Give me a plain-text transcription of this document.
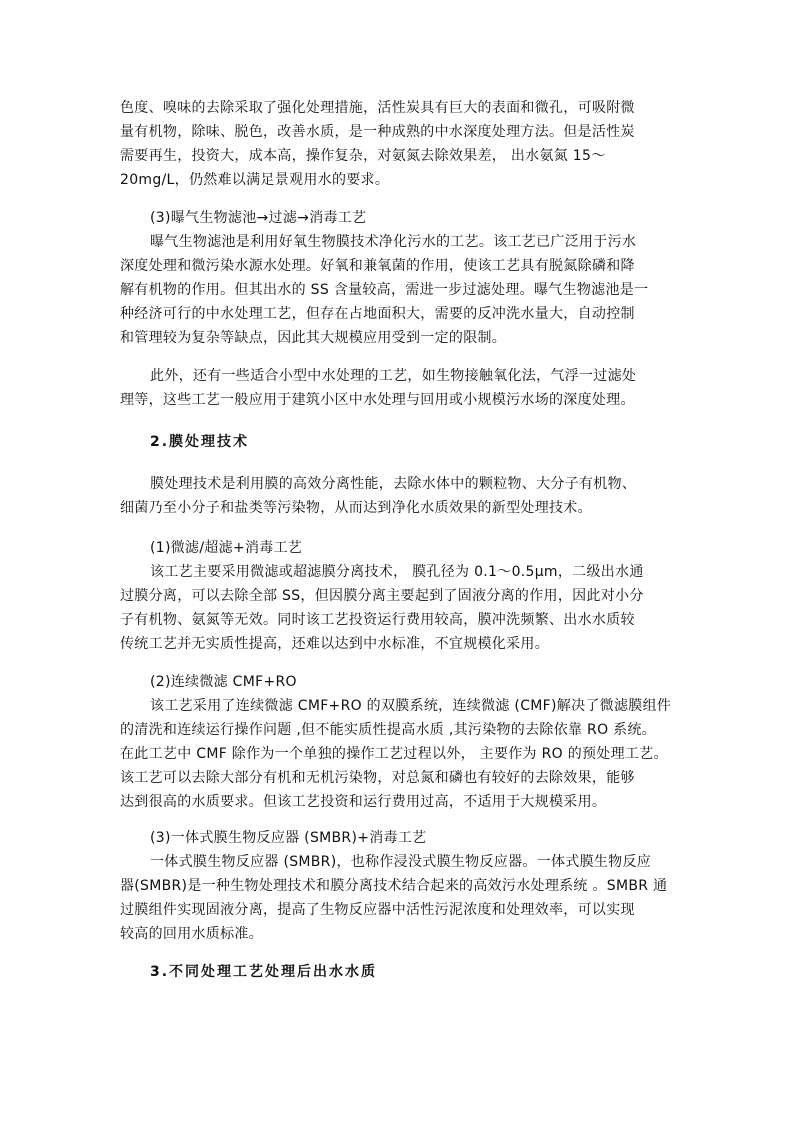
色度、嗅味的去除采取了强化处理措施，活性炭具有巨大的表面和微孔，可吸附微
量有机物，除味、脱色，改善水质，是一种成熟的中水深度处理方法。但是活性炭
需要再生，投资大，成本高，操作复杂，对氨氮去除效果差， 出水氨氮 15～
20mg/L，仍然难以满足景观用水的要求。
(3)曝气生物滤池→过滤→消毒工艺
曝气生物滤池是利用好氧生物膜技术净化污水的工艺。该工艺已广泛用于污水
深度处理和微污染水源水处理。好氧和兼氧菌的作用，使该工艺具有脱氮除磷和降
解有机物的作用。但其出水的 SS 含量较高，需进一步过滤处理。曝气生物滤池是一
种经济可行的中水处理工艺，但存在占地面积大，需要的反冲洗水量大，自动控制
和管理较为复杂等缺点，因此其大规模应用受到一定的限制。
此外，还有一些适合小型中水处理的工艺，如生物接触氧化法，气浮一过滤处
理等，这些工艺一般应用于建筑小区中水处理与回用或小规模污水场的深度处理。
2.膜处理技术
膜处理技术是利用膜的高效分离性能，去除水体中的颗粒物、大分子有机物、
细菌乃至小分子和盐类等污染物，从而达到净化水质效果的新型处理技术。
(1)微滤/超滤+消毒工艺
该工艺主要采用微滤或超滤膜分离技术， 膜孔径为 0.1～0.5μm，二级出水通
过膜分离，可以去除全部 SS，但因膜分离主要起到了固液分离的作用，因此对小分
子有机物、氨氮等无效。同时该工艺投资运行费用较高，膜冲洗频繁、出水水质较
传统工艺并无实质性提高，还难以达到中水标准，不宜规模化采用。
(2)连续微滤 CMF+RO
该工艺采用了连续微滤 CMF+RO 的双膜系统，连续微滤 (CMF)解决了微滤膜组件
的清洗和连续运行操作问题 ,但不能实质性提高水质 ,其污染物的去除依靠 RO 系统。
在此工艺中 CMF 除作为一个单独的操作工艺过程以外， 主要作为 RO 的预处理工艺。
该工艺可以去除大部分有机和无机污染物，对总氮和磷也有较好的去除效果，能够
达到很高的水质要求。但该工艺投资和运行费用过高，不适用于大规模采用。
(3)一体式膜生物反应器 (SMBR)+消毒工艺
一体式膜生物反应器 (SMBR)，也称作浸没式膜生物反应器。一体式膜生物反应
器(SMBR)是一种生物处理技术和膜分离技术结合起来的高效污水处理系统 。SMBR 通
过膜组件实现固液分离，提高了生物反应器中活性污泥浓度和处理效率，可以实现
较高的回用水质标准。
3.不同处理工艺处理后出水水质
